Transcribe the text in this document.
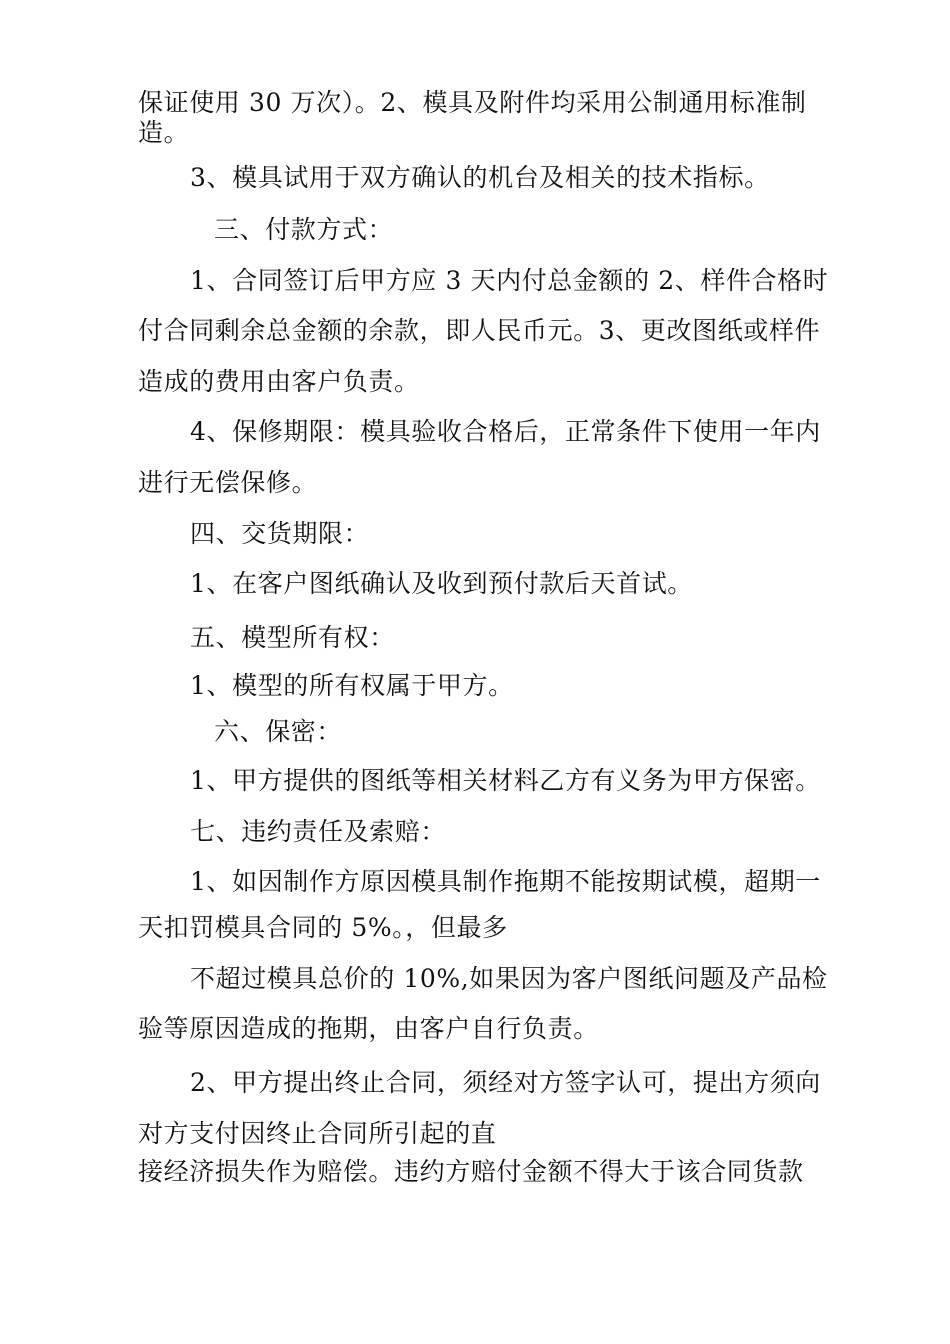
保证使用 30 万次）。2、模具及附件均采用公制通用标准制
造。
3、模具试用于双方确认的机台及相关的技术指标。
三、付款方式：
1、合同签订后甲方应 3 天内付总金额的 2、样件合格时
付合同剩余总金额的余款，即人民币元。3、更改图纸或样件
造成的费用由客户负责。
4、保修期限：模具验收合格后，正常条件下使用一年内
进行无偿保修。
四、交货期限：
1、在客户图纸确认及收到预付款后天首试。
五、模型所有权：
1、模型的所有权属于甲方。
六、保密：
1、甲方提供的图纸等相关材料乙方有义务为甲方保密。
七、违约责任及索赔：
1、如因制作方原因模具制作拖期不能按期试模，超期一
天扣罚模具合同的 5%。，但最多
不超过模具总价的 10%,如果因为客户图纸问题及产品检
验等原因造成的拖期，由客户自行负责。
2、甲方提出终止合同，须经对方签字认可，提出方须向
对方支付因终止合同所引起的直
接经济损失作为赔偿。违约方赔付金额不得大于该合同货款
